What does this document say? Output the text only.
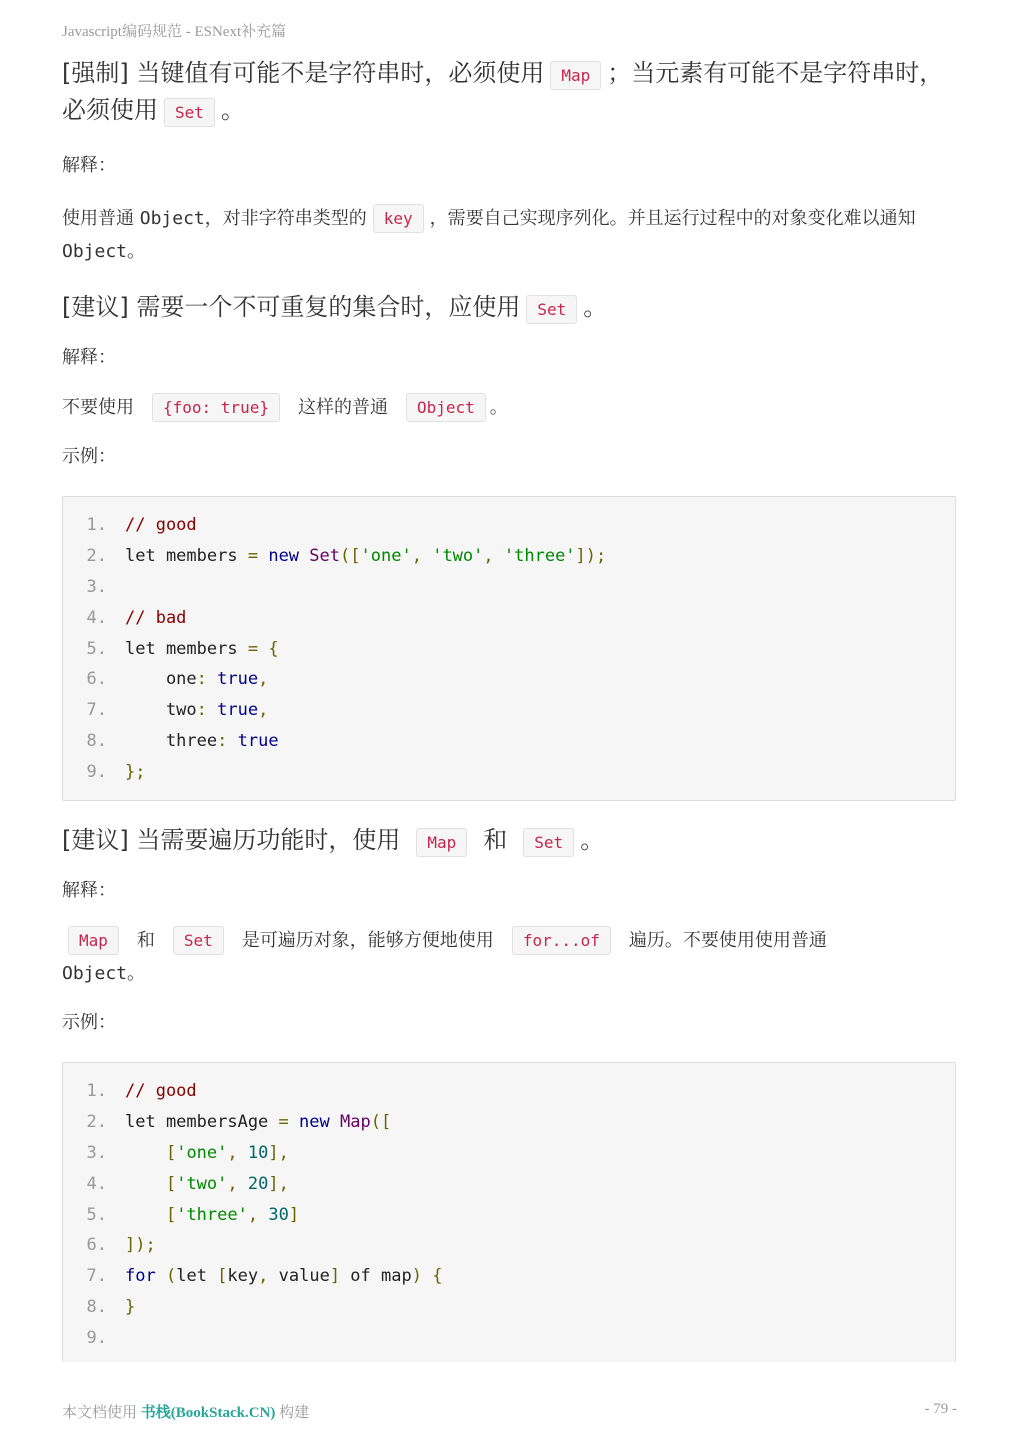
Javascript编码规范 - ESNext补充篇
[强制] 当键值有可能不是字符串时，必须使用 Map ；当元素有可能不是字符串时，必须使用 Set 。
解释：
使用普通 Object，对非字符串类型的 key ，需要自己实现序列化。并且运行过程中的对象变化难以通知 Object。
[建议] 需要一个不可重复的集合时，应使用 Set 。
解释：
不要使用 {foo: true} 这样的普通 Object 。
示例：
1. // good
2. let members = new Set(['one', 'two', 'three']);
3.
4. // bad
5. let members = {
6.    one: true,
7.    two: true,
8.    three: true
9. };
[建议] 当需要遍历功能时，使用 Map 和 Set 。
解释：
Map 和 Set 是可遍历对象，能够方便地使用 for...of 遍历。不要使用使用普通
Object。
示例：
1. // good
2. let membersAge = new Map([
3.	['one', 10],
4.	['two', 20],
5.	['three', 30]
6. ]);
7. for (let [key, value] of map) {
8. }
9.
本文档使用 书栈(BookStack.CN) 构建	- 79 -
